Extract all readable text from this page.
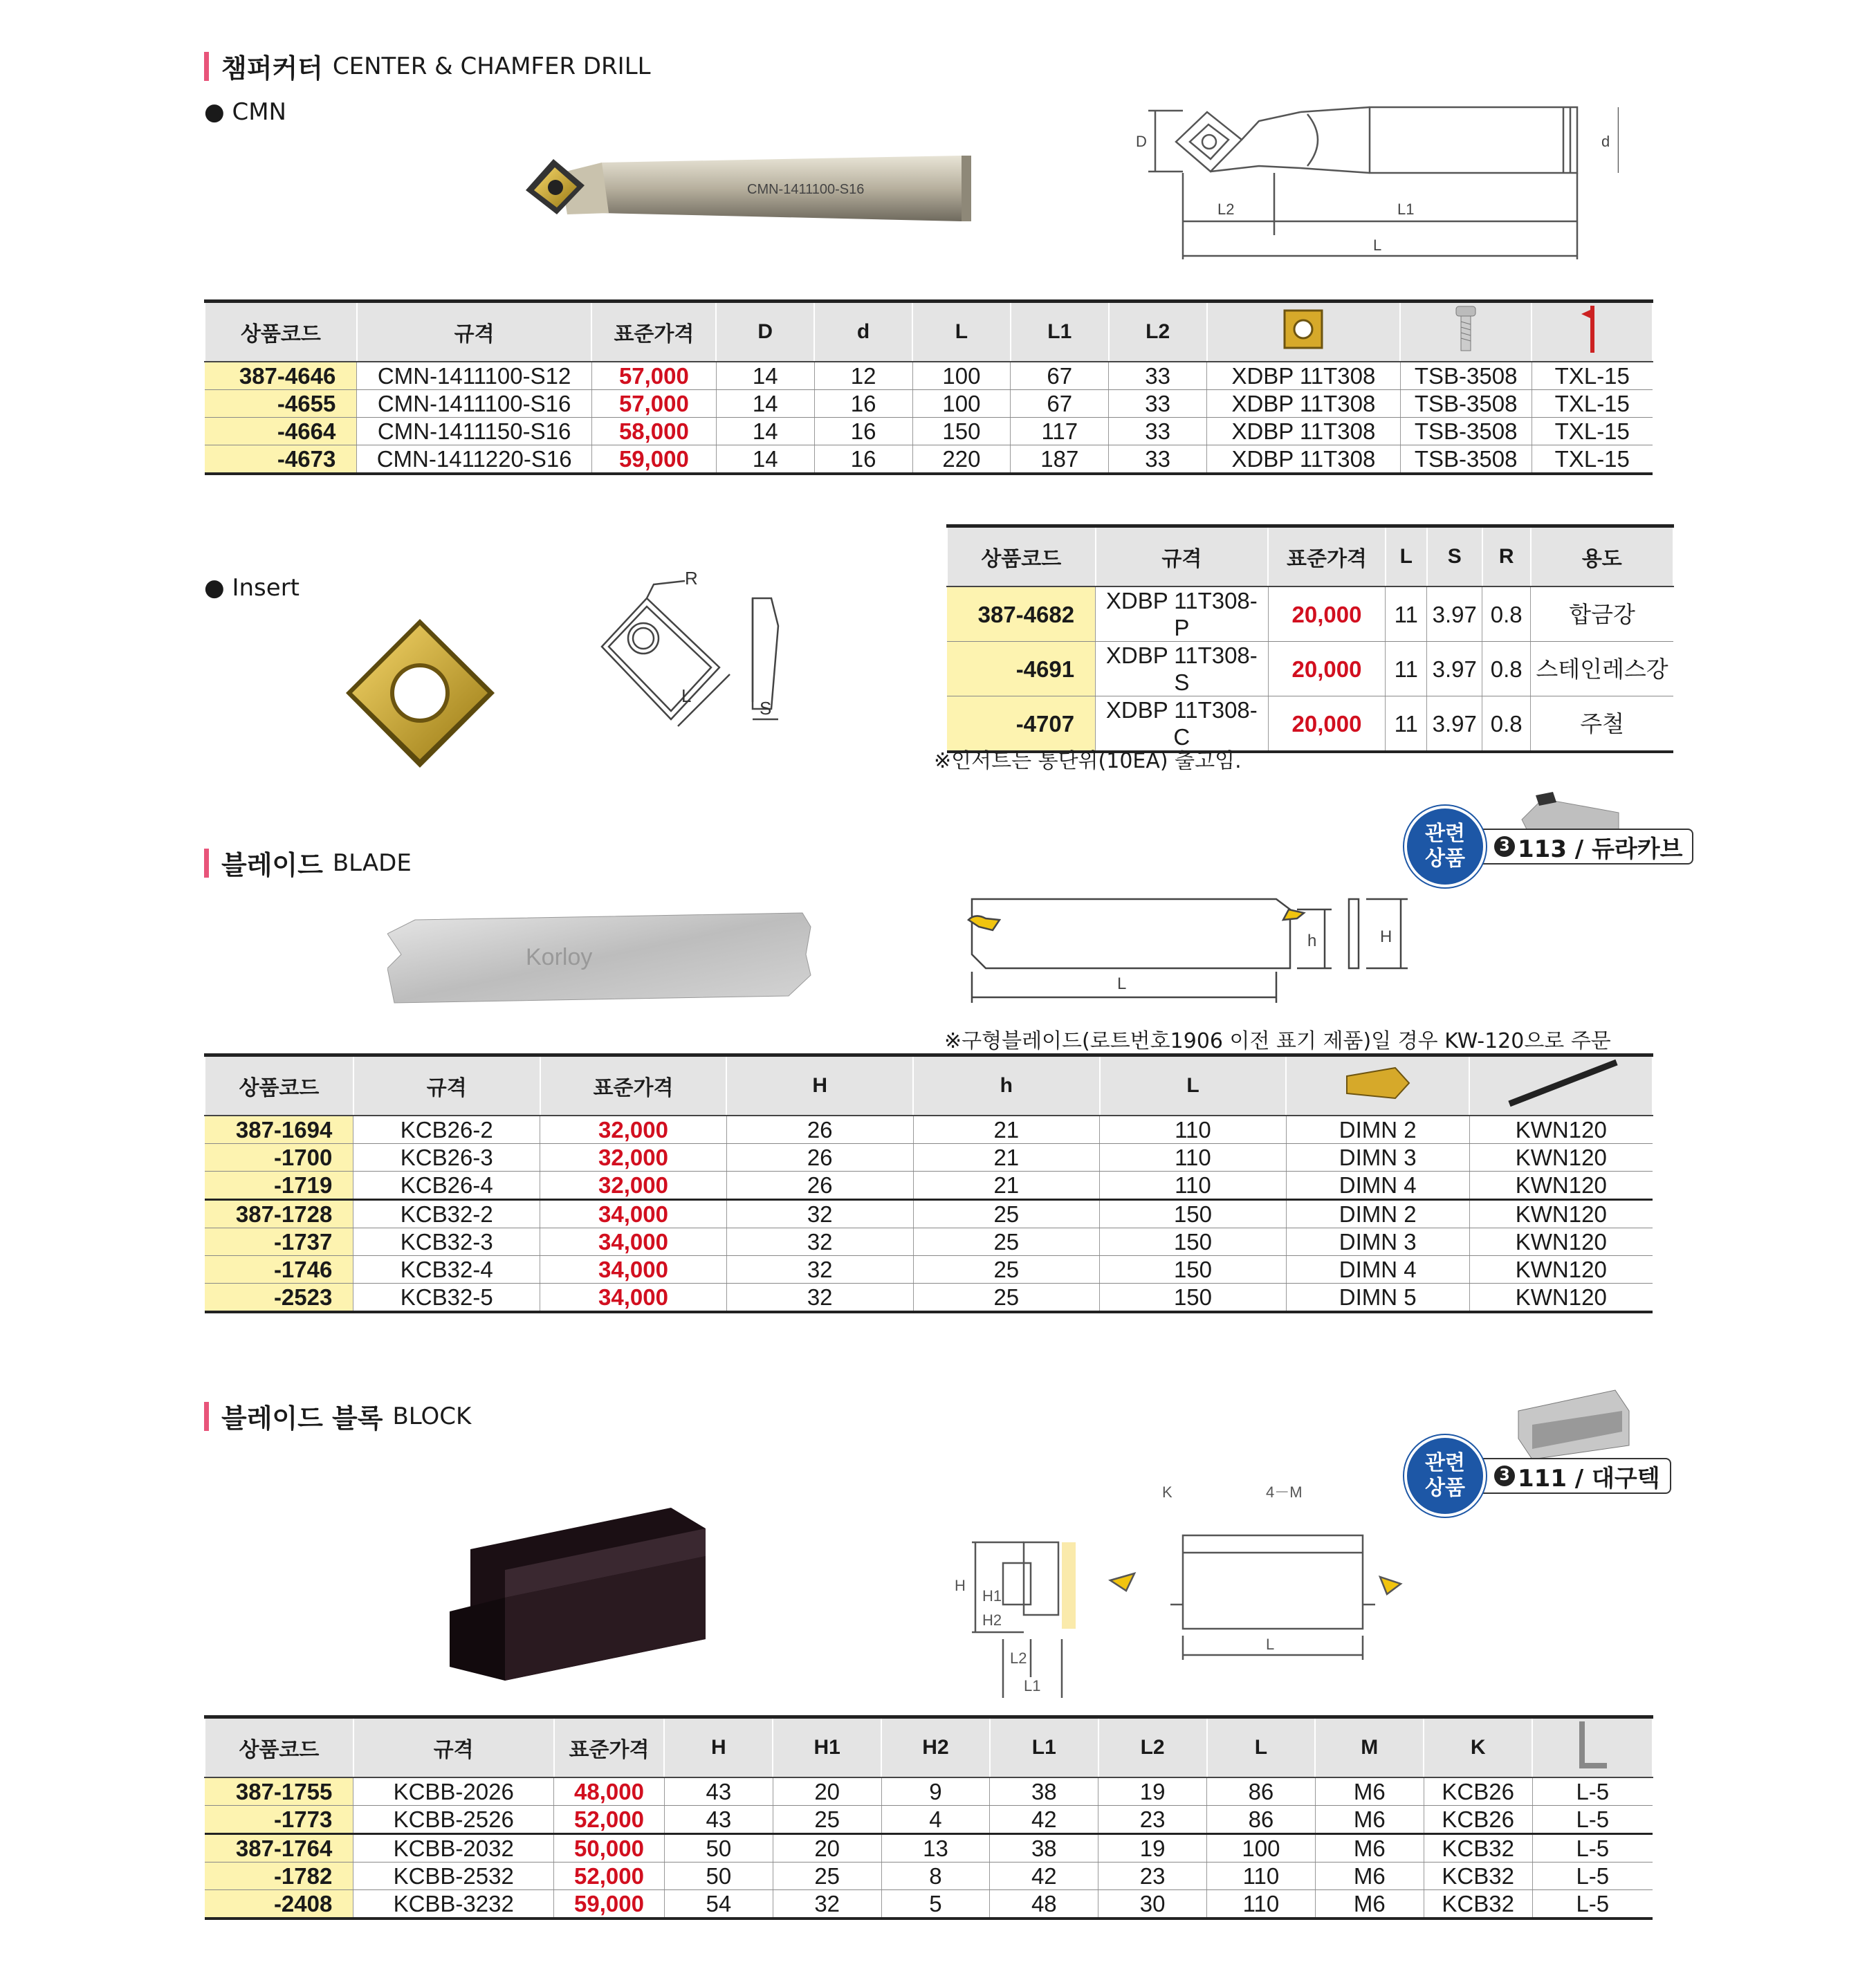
챔퍼커터 CENTER & CHAMFER DRILL
● CMN
CMN-1411100-S16
D	d
L2	L1
L
상품코드	규격	표준가격	D	d	L	L1	L2			
387-4646	CMN-1411100-S12	57,000	14	12	100	67	33	XDBP 11T308	TSB-3508	TXL-15
-4655	CMN-1411100-S16	57,000	14	16	100	67	33	XDBP 11T308	TSB-3508	TXL-15
-4664	CMN-1411150-S16	58,000	14	16	150	117	33	XDBP 11T308	TSB-3508	TXL-15
-4673	CMN-1411220-S16	59,000	14	16	220	187	33	XDBP 11T308	TSB-3508	TXL-15
● Insert	R
L
S
상품코드	규격	표준가격	L	S	R	용도
387-4682	XDBP 11T308-P	20,000	11	3.97	0.8	합금강
-4691	XDBP 11T308-S	20,000	11	3.97	0.8	스테인레스강
-4707	XDBP 11T308-C	20,000	11	3.97	0.8	주철
※인서트는 통단위(10EA) 출고임.
블레이드 BLADE
관련
상품
3 113 / 듀라카브
Korloy
h	H
L
※구형블레이드(로트번호1906 이전 표기 제품)일 경우 KW-120으로 주문
상품코드	규격	표준가격	H	h	L		
387-1694	KCB26-2	32,000	26	21	110	DIMN 2	KWN120
-1700	KCB26-3	32,000	26	21	110	DIMN 3	KWN120
-1719	KCB26-4	32,000	26	21	110	DIMN 4	KWN120
387-1728	KCB32-2	34,000	32	25	150	DIMN 2	KWN120
-1737	KCB32-3	34,000	32	25	150	DIMN 3	KWN120
-1746	KCB32-4	34,000	32	25	150	DIMN 4	KWN120
-2523	KCB32-5	34,000	32	25	150	DIMN 5	KWN120
블레이드 블록 BLOCK
관련
상품
3 111 / 대구텍
K	4－M
H
H1
H2
L2
L1
L
상품코드	규격	표준가격	H	H1	H2	L1	L2	L	M	K	
387-1755	KCBB-2026	48,000	43	20	9	38	19	86	M6	KCB26	L-5
-1773	KCBB-2526	52,000	43	25	4	42	23	86	M6	KCB26	L-5
387-1764	KCBB-2032	50,000	50	20	13	38	19	100	M6	KCB32	L-5
-1782	KCBB-2532	52,000	50	25	8	42	23	110	M6	KCB32	L-5
-2408	KCBB-3232	59,000	54	32	5	48	30	110	M6	KCB32	L-5
